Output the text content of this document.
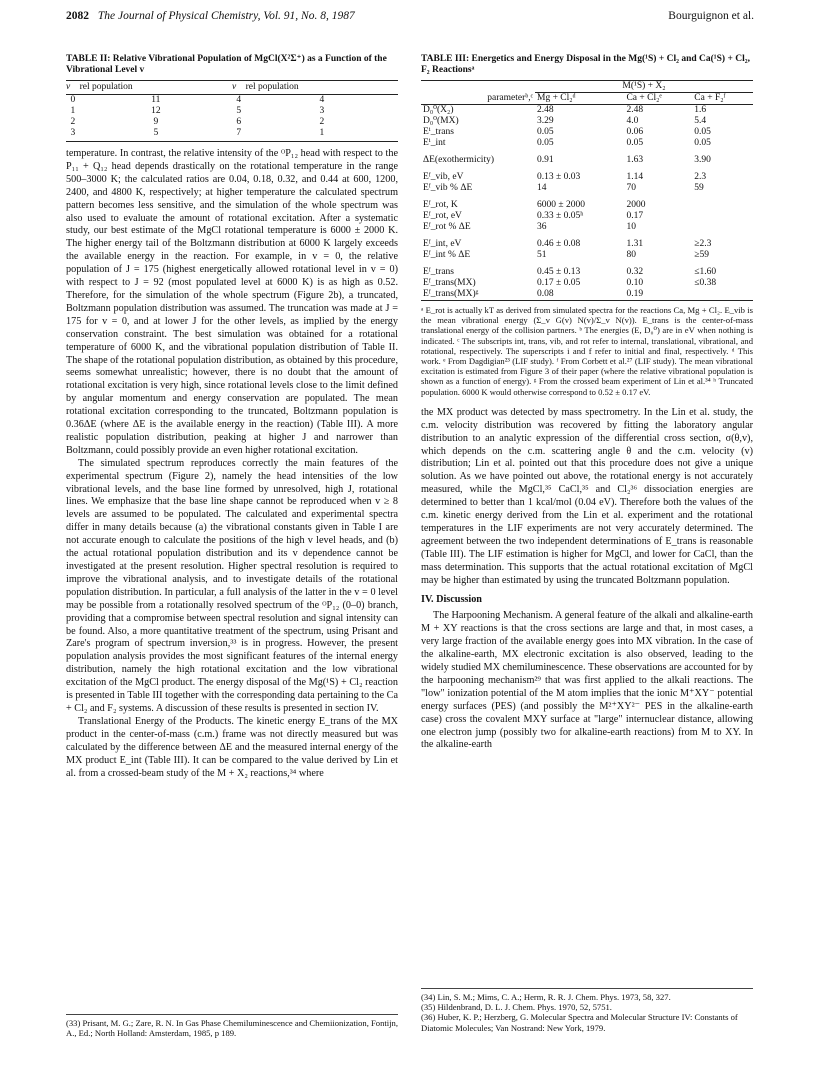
2082 The Journal of Physical Chemistry, Vol. 91, No. 8, 1987	Bourguignon et al.
TABLE II: Relative Vibrational Population of MgCl(X²Σ⁺) as a Function of the Vibrational Level v
v	rel population	v	rel population
0	11	4	4
1	12	5	3
2	9	6	2
3	5	7	1

temperature. In contrast, the relative intensity of the ᴼP₁₂ head with respect to the P₁₁ + Q₁₂ head depends drastically on the rotational temperature in the range 500–3000 K; the calculated ratios are 0.04, 0.18, 0.32, and 0.44 at 600, 1200, 2400, and 4800 K, respectively; at higher temperature the calculated spectrum pattern becomes less sensitive, and the simulation of the whole spectrum was also used to evaluate the amount of rotational excitation. After a systematic study, our best estimate of the MgCl rotational temperature is 6000 ± 2000 K. The higher energy tail of the Boltzmann distribution at 6000 K largely exceeds the available energy in the reaction. For example, in v = 0, the relative population of J = 175 (highest energetically allowed rotational level in v = 0) with respect to J = 92 (most populated level at 6000 K) is as high as 0.52. Therefore, for the simulation of the whole spectrum (Figure 2b), a truncated, Boltzmann population distribution was assumed. The truncation was made at J = 175 for v = 0, and at lower J for the other levels, as implied by the energy conservation constraint. The best simulation was obtained for a rotational temperature of 6000 K, and the vibrational population distribution of Table II. The shape of the rotational population distribution, as obtained by this procedure, seems somewhat unrealistic; however, there is no doubt that the amount of rotational excitation is very high, since rotational levels close to the limit defined by angular momentum and energy conservation are populated. The mean rotational excitation corresponding to the truncated, Boltzmann population is 0.36ΔE (where ΔE is the available energy in the reaction) (Table III). A more realistic population distribution, peaking at higher J and narrower than Boltzmann, could possibly provide an even higher rotational excitation.

The simulated spectrum reproduces correctly the main features of the experimental spectrum (Figure 2), namely the head intensities of the low vibrational levels, and the base line formed by unresolved, high J, rotational lines. We emphasize that the base line shape cannot be reproduced when v ≥ 8 levels are assumed to be populated. The calculated and experimental spectra differ in many details because (a) the vibrational constants given in Table I are not accurate enough to calculate the positions of the high v level heads, and (b) the actual rotational population distribution and its v dependence cannot be investigated at the present resolution. Higher spectral resolution is required to improve the vibrational analysis, and to investigate details of the rotational population distribution. In particular, a full analysis of the latter in the v = 0 level may be possible from a rotationally resolved spectrum of the ᴼP₁₂ (0–0) branch, providing that a compromise between spectral resolution and signal intensity can be found. Also, a more quantitative treatment of the spectrum, using Prisant and Zare's program of spectrum inversion,³³ is in progress. However, the present population analysis provides the most significant features of the internal energy distribution, namely the high rotational excitation and the low vibrational excitation of the MgCl product. The energy disposal of the Mg(¹S) + Cl₂ reaction is presented in Table III together with the corresponding data pertaining to the Ca + Cl₂ and F₂ systems. A discussion of these results is presented in section IV.

Translational Energy of the Products. The kinetic energy E_trans of the MX product in the center-of-mass (c.m.) frame was not directly measured but was calculated by the difference between ΔE and the measured internal energy of the MX product E_int (Table III). It can be compared to the value derived by Lin et al. from a crossed-beam study of the M + X₂ reactions,³⁴ where

TABLE III: Energetics and Energy Disposal in the Mg(¹S) + Cl₂ and Ca(¹S) + Cl₂, F₂ Reactionsᵃ
	M(¹S) + X₂		
parameterᵇ,ᶜ	Mg + Cl₂ᵈ	Ca + Cl₂ᵉ	Ca + F₂ᶠ
D₀⁰(X₂)	2.48	2.48	1.6
D₀⁰(MX)	3.29	4.0	5.4
Eⁱ_trans	0.05	0.06	0.05
Eⁱ_int	0.05	0.05	0.05

ΔE(exothermicity)	0.91	1.63	3.90

Eᶠ_vib, eV	0.13 ± 0.03	1.14	2.3
Eᶠ_vib % ΔE	14	70	59

Eᶠ_rot, K	6000 ± 2000	2000	
Eᶠ_rot, eV	0.33 ± 0.05ʰ	0.17	
Eᶠ_rot % ΔE	36	10	

Eᶠ_int, eV	0.46 ± 0.08	1.31	≥2.3
Eᶠ_int % ΔE	51	80	≥59

Eᶠ_trans	0.45 ± 0.13	0.32	≤1.60
Eᶠ_trans(MX)	0.17 ± 0.05	0.10	≤0.38
Eᶠ_trans(MX)ᵍ	0.08	0.19	
ᵃ E_rot is actually kT as derived from simulated spectra for the reactions Ca, Mg + Cl₂. E_vib is the mean vibrational energy (Σ_v G(v) N(v)/Σ_v N(v)). E_trans is the center-of-mass translational energy of the collision partners. ᵇ The energies (E, D₀⁰) are in eV when nothing is indicated. ᶜ The subscripts int, trans, vib, and rot refer to internal, translational, vibrational, and rotational, respectively. The superscripts i and f refer to initial and final, respectively. ᵈ This work. ᵉ From Dagdigian²³ (LIF study). ᶠ From Corbett et al.²⁷ (LIF study). The mean vibrational excitation is estimated from Figure 3 of their paper (where the relative vibrational population is shown as a function of energy). ᵍ From the crossed beam experiment of Lin et al.³⁴ ʰ Truncated population. 6000 K would otherwise correspond to 0.52 ± 0.17 eV.

the MX product was detected by mass spectrometry. In the Lin et al. study, the c.m. velocity distribution was recovered by fitting the laboratory angular distribution to an analytic expression of the differential cross section, σ(θ,v), which depends on the c.m. scattering angle θ and the c.m. velocity (v) distribution; Lin et al. pointed out that this procedure does not give a unique solution. As we have pointed out above, the rotational energy is not accurately measured, while the MgCl,³⁵ CaCl,³⁵ and Cl₂³⁶ dissociation energies are determined to better than 1 kcal/mol (0.04 eV). Therefore both the values of the c.m. kinetic energy derived from the Lin et al. experiment and the rotational temperatures in the LIF experiments are not very accurately determined. The agreement between the two independent determinations of E_trans is reasonable (Table III). The LIF estimation is higher for MgCl, and lower for CaCl, than the mass determination. This supports that the actual rotational excitation of MgCl may be higher than estimated by using the truncated Boltzmann population.

IV. Discussion

The Harpooning Mechanism. A general feature of the alkali and alkaline-earth M + XY reactions is that the cross sections are large and that, in most cases, a very large fraction of the available energy goes into MX vibration. In the case of the alkaline-earth, MX electronic excitation is also observed, leading to the widely studied MX chemiluminescence. These observations are accounted for by the harpooning mechanism²⁹ that was first applied to the alkali reactions. The "low" ionization potential of the M atom implies that the ionic M⁺XY⁻ potential energy surfaces (PES) (and possibly the M²⁺XY²⁻ PES in the alkaline-earth case) cross the covalent MXY surface at "large" internuclear distance, allowing one electron jump (possibly two for alkaline-earth reactions) from M to XY. In the alkaline-earth

(33) Prisant, M. G.; Zare, R. N. In Gas Phase Chemiluminescence and Chemiionization, Fontijn, A., Ed.; North Holland: Amsterdam, 1985, p 189.
(34) Lin, S. M.; Mims, C. A.; Herm, R. R. J. Chem. Phys. 1973, 58, 327.
(35) Hildenbrand, D. L. J. Chem. Phys. 1970, 52, 5751.
(36) Huber, K. P.; Herzberg, G. Molecular Spectra and Molecular Structure IV: Constants of Diatomic Molecules; Van Nostrand: New York, 1979.
